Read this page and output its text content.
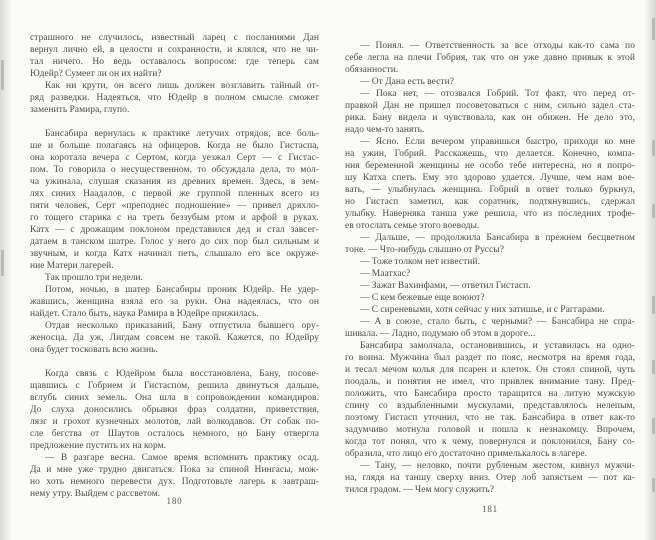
страшного не случилось, известный ларец с посланиями Дан
вернул лично ей, в целости и сохранности, и клялся, что не чи-
тал ничего. Но ведь оставалось вопросом: где теперь сам
Юдейр? Сумеет ли он их найти?
Как ни крути, он всего лишь должен возглавить тайный от-
ряд разведки. Надеяться, что Юдейр в полном смысле сможет
заменить Рамира, глупо.

Бансабира вернулась к практике летучих отрядов, все боль-
ше и больше полагаясь на офицеров. Когда не было Гистаспа,
она коротала вечера с Сертом, когда уезжал Серт — с Гистас-
пом. То говорила о несущественном, то обсуждала дела, то мол-
ча ужинала, слушая сказания из древних времен. Здесь, в зем-
лях синих Наадалов, с первой же группой пленных всего из
пяти человек, Серт «преподнес подношение» — привел дряхло-
го тощего старика с на треть беззубым ртом и арфой в руках.
Катх — с дрожащим поклоном представился дед и стал завсег-
датаем в танском шатре. Голос у него до сих пор был сильным и
звучным, и когда Катх начинал петь, слышало его все окруже-
ние Матери лагерей.
Так прошло три недели.
Потом, ночью, в шатер Бансабиры проник Юдейр. Не удер-
жавшись, женщина взяла его за руки. Она надеялась, что он
найдет. Стало быть, наука Рамира в Юдейре прижилась.
Отдав несколько приказаний, Бану отпустила бывшего ору-
женосца. Да уж, Лигдам совсем не такой. Кажется, по Юдейру
она будет тосковать всю жизнь.

Когда связь с Юдейром была восстановлена, Бану, посове-
щавшись с Гобрием и Гистаспом, решила двинуться дальше,
вглубь синих земель. Она шла в сопровождении командиров.
До слуха доносились обрывки фраз солдатни, приветствия,
лязг и грохот кузнечных молотов, лай волкодавов. От собак по-
сле бегства от Шаутов осталось немного, но Бану отвергла
предложение пустить их на корм.
— В разгаре весна. Самое время вспомнить практику осад.
Да и мне уже трудно двигаться. Пока за спиной Нингасы, мож-
но хоть немного перевести дух. Подготовьте лагерь к завтраш-
нему утру. Выйдем с рассветом.
180
— Понял. — Ответственность за все отходы как-то сама по
себе легла на плечи Гобрия, так что он уже давно привык к этой
обязанности.
— От Дана есть вести?
— Пока нет, — отозвался Гобрий. Тот факт, что перед от-
правкой Дан не пришел посоветоваться с ним, сильно задел ста-
рика. Бану видела и чувствовала, как он обижен. Не дело это,
надо чем-то занять.
— Ясно. Если вечером управишься быстро, приходи ко мне
на ужин, Гобрий. Расскажешь, что делается. Конечно, компа-
ния беременной женщины не особо тебе интересна, но я попро-
шу Катха спеть. Ему это здорово удается. Лучше, чем нам вое-
вать, — улыбнулась женщина. Гобрий в ответ только буркнул,
но Гистасп заметил, как соратник, подтянувшись, сдержал
улыбку. Наверняка танша уже решила, что из последних трофе-
ев отослать семье этого воеводы.
— Дальше, — продолжила Бансабира в прежнем бесцветном
тоне. — Что-нибудь слышно от Руссы?
— Тоже толком нет известий.
— Маатхас?
— Зажат Вахинфами, — ответил Гистасп.
— С кем бежевые еще воюют?
— С сиреневыми, хотя сейчас у них затишье, и с Раггарами.
— А в союзе, стало быть, с черными? — Бансабира не спра-
шивала. — Ладно, подумаю об этом в дороге...
Бансабира замолчала, остановившись, и уставилась на одно-
го воина. Мужчина был раздет по пояс, несмотря на время года,
и тесал мечом колья для псарен и клеток. Он стоял спиной, чуть
поодаль, и понятия не имел, что привлек внимание тану. Пред-
положить, что Бансабира просто таращится на литую мужскую
спину со вздыбленными мускулами, представлялось нелепым,
поэтому Гистасп уточнил, что не так. Бансабира в ответ как-то
задумчиво мотнула головой и пошла к незнакомцу. Впрочем,
когда тот понял, что к чему, повернулся и поклонился, Бану со-
образила, что лицо его достаточно примелькалось в лагере.
— Тану, — неловко, почти рубленым жестом, кивнул мужчи-
на, глядя на таншу сверху вниз. Отер лоб запястьем — пот ка-
тился градом. — Чем могу служить?
181
